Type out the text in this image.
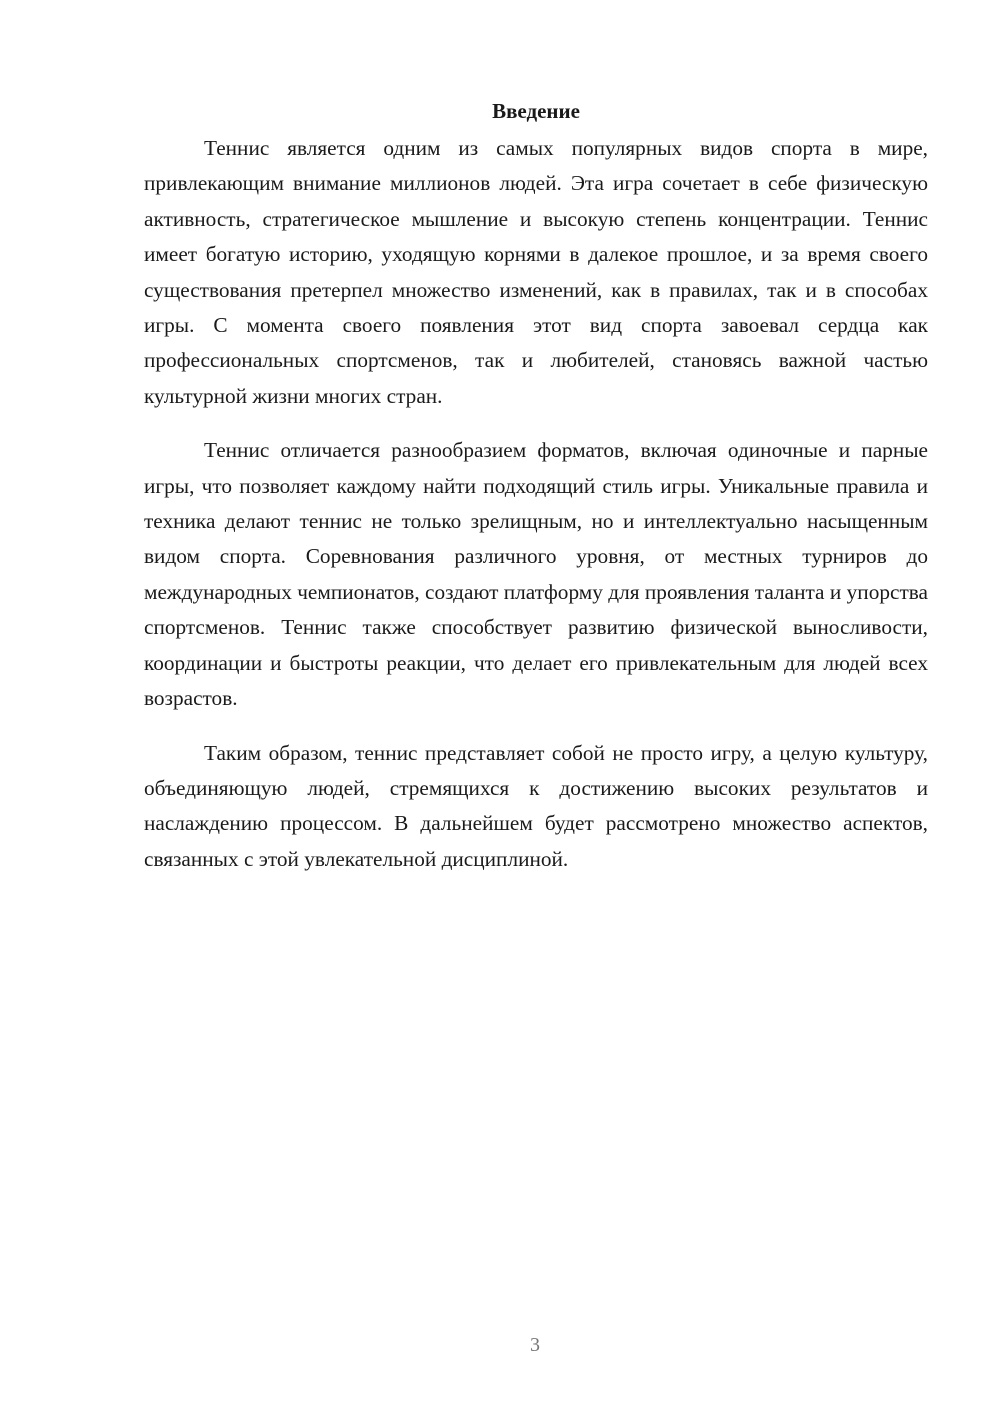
Введение

Теннис является одним из самых популярных видов спорта в мире, привлекающим внимание миллионов людей. Эта игра сочетает в себе физическую активность, стратегическое мышление и высокую степень концентрации. Теннис имеет богатую историю, уходящую корнями в далекое прошлое, и за время своего существования претерпел множество изменений, как в правилах, так и в способах игры. С момента своего появления этот вид спорта завоевал сердца как профессиональных спортсменов, так и любителей, становясь важной частью культурной жизни многих стран.

Теннис отличается разнообразием форматов, включая одиночные и парные игры, что позволяет каждому найти подходящий стиль игры. Уникальные правила и техника делают теннис не только зрелищным, но и интеллектуально насыщенным видом спорта. Соревнования различного уровня, от местных турниров до международных чемпионатов, создают платформу для проявления таланта и упорства спортсменов. Теннис также способствует развитию физической выносливости, координации и быстроты реакции, что делает его привлекательным для людей всех возрастов.

Таким образом, теннис представляет собой не просто игру, а целую культуру, объединяющую людей, стремящихся к достижению высоких результатов и наслаждению процессом. В дальнейшем будет рассмотрено множество аспектов, связанных с этой увлекательной дисциплиной.

3
